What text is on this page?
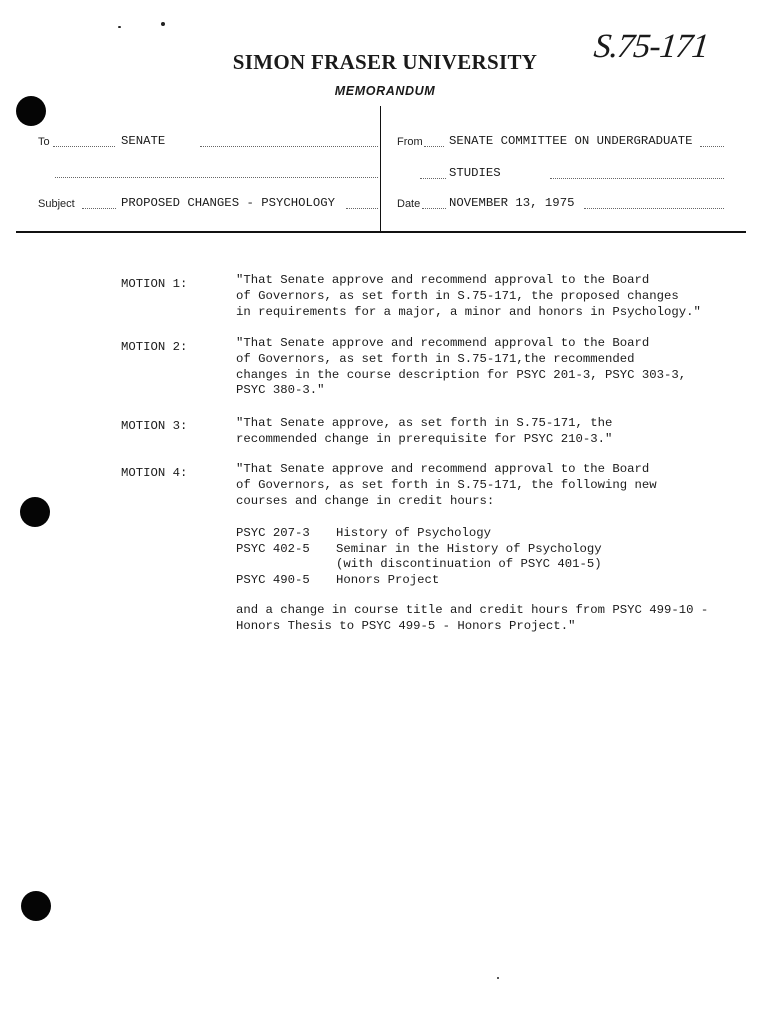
SIMON FRASER UNIVERSITY
MEMORANDUM
S.75-171
To	SENATE
Subject	PROPOSED CHANGES - PSYCHOLOGY
From SENATE COMMITTEE ON UNDERGRADUATE
STUDIES
Date NOVEMBER 13, 1975
MOTION 1:	"That Senate approve and recommend approval to the Board
of Governors, as set forth in S.75-171, the proposed changes
in requirements for a major, a minor and honors in Psychology."
MOTION 2:	"That Senate approve and recommend approval to the Board
of Governors, as set forth in S.75-171,the recommended
changes in the course description for PSYC 201-3, PSYC 303-3,
PSYC 380-3."
MOTION 3:	"That Senate approve, as set forth in S.75-171, the
recommended change in prerequisite for PSYC 210-3."
MOTION 4:	"That Senate approve and recommend approval to the Board
of Governors, as set forth in S.75-171, the following new
courses and change in credit hours:
PSYC 207-3 History of Psychology
PSYC 402-5 Seminar in the History of Psychology
(with discontinuation of PSYC 401-5)
PSYC 490-5 Honors Project
and a change in course title and credit hours from PSYC 499-10 -
Honors Thesis to PSYC 499-5 - Honors Project."
